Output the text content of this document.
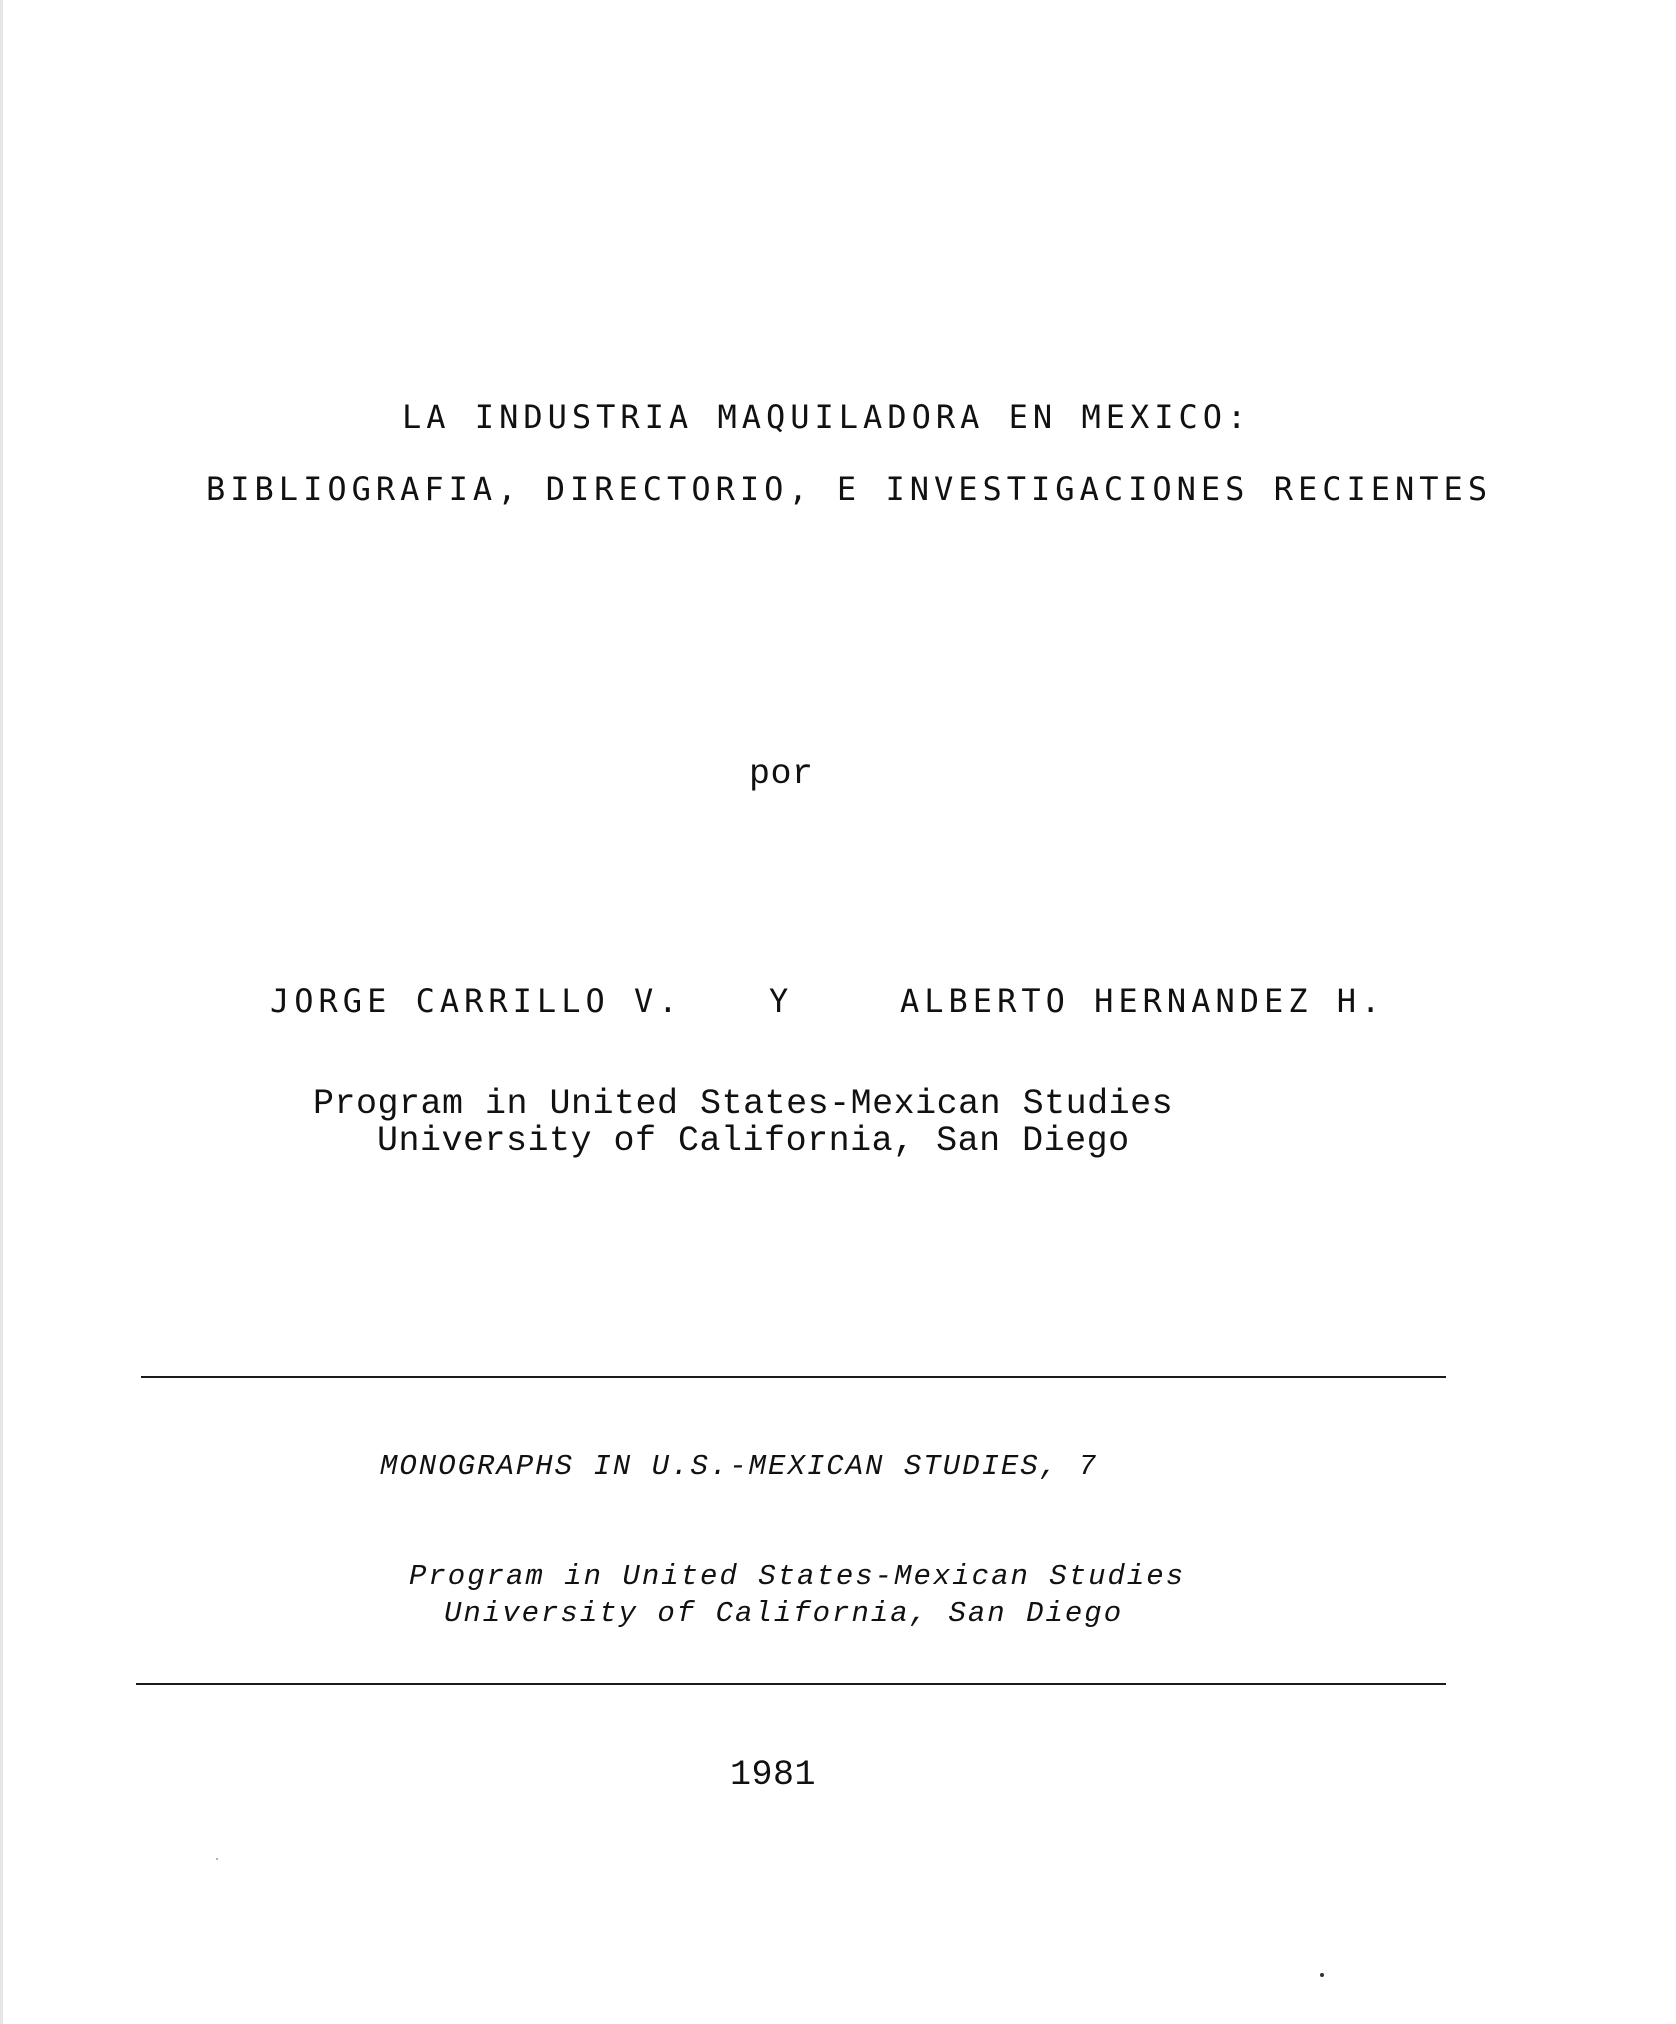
LA INDUSTRIA MAQUILADORA EN MEXICO:
BIBLIOGRAFIA, DIRECTORIO, E INVESTIGACIONES RECIENTES
por
JORGE CARRILLO V.	Y	ALBERTO HERNANDEZ H.
Program in United States-Mexican Studies
University of California, San Diego
MONOGRAPHS IN U.S.-MEXICAN STUDIES, 7
Program in United States-Mexican Studies
University of California, San Diego
1981
